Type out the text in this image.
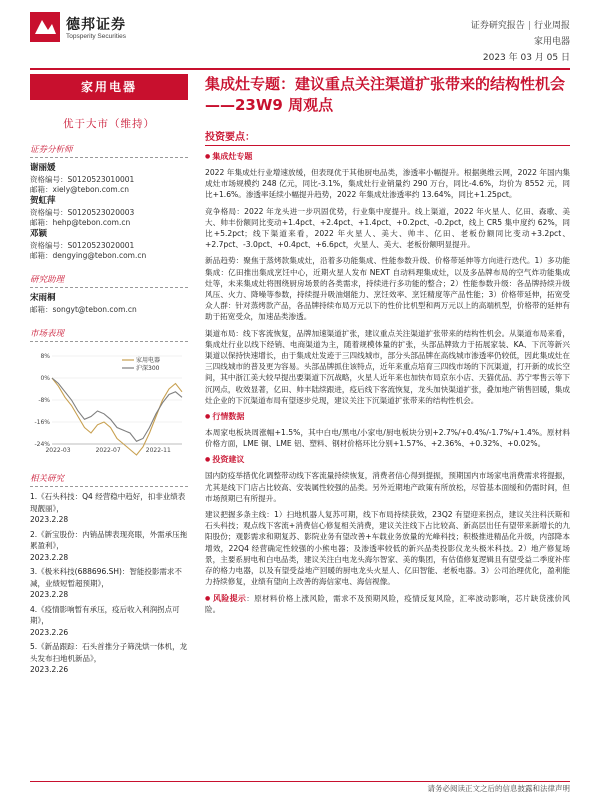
德邦证券
Topsperity Securities
证券研究报告 | 行业周报
家用电器
2023 年 03 月 05 日
家用电器
优于大市（维持）
证券分析师
谢丽媛
资格编号：S0120523010001
邮箱：xiely@tebon.com.cn
贺虹萍
资格编号：S0120523020003
邮箱：hehp@tebon.com.cn
邓颖
资格编号：S0120523020001
邮箱：dengying@tebon.com.cn
研究助理
宋雨桐
邮箱：songyt@tebon.com.cn
市场表现
8%
0%
-8%
-16%
-24%
2022-03	2022-07	2022-11
家用电器
沪深300
相关研究
1.《石头科技：Q4 经营稳中趋好，扣非业绩表现靓丽》，
2023.2.28
2.《新宝股份：内销品牌表现亮眼，外需承压拖累盈利》，
2023.2.28
3.《极米科技(688696.SH)：智能投影需求不减，业绩短暂超预期》，
2023.2.28
4.《疫情影响暂有承压，疫后收入利润拐点可期》，
2023.2.26
5.《新品跟踪：石头首推分子筛洗烘一体机，龙头发布扫地机新品》，
2023.2.26
集成灶专题：建议重点关注渠道扩张带来的结构性机会——23W9 周观点
投资要点：
● 集成灶专题

2022 年集成灶行业增速放缓，但表现优于其他厨电品类，渗透率小幅提升。根据奥维云网，2022 年国内集成灶市场规模约 248 亿元，同比-3.1%，集成灶行业销量约 290 万台，同比-4.6%，均价为 8552 元，同比+1.6%。渗透率延续小幅提升趋势，2022 年集成灶渗透率约 13.64%，同比+1.25pct。

竞争格局：2022 年龙头进一步巩固优势，行业集中度提升。线上渠道，2022 年火星人、亿田、森歌、美大、帅丰份额同比变动+1.4pct、+2.4pct、+1.4pct、+0.2pct、-0.2pct，线上 CR5 集中度约 62%，同比+5.2pct；线下渠道来看，2022 年火星人、美大、帅丰、亿田、老板份额同比变动+3.2pct、+2.7pct、-3.0pct、+0.4pct、+6.6pct，火星人、美大、老板份额明显提升。

新品趋势：聚焦于蒸烤款集成灶，沿着多功能集成、性能参数升级、价格带延伸等方向进行迭代。1）多功能集成：亿田推出集成烹饪中心，近期火星人发布 NEXT 自动料理集成灶，以及多品牌布局的空气炸功能集成灶等，未来集成灶将围绕厨房场景的各类需求，持续进行多功能的整合；2）性能参数升级：各品牌持续升级风压、火力、降噪等参数，持续提升吸油烟能力、烹饪效率、烹饪精度等产品性能；3）价格带延伸，拓宽受众人群：针对蒸烤款产品，各品牌持续布局万元以下的性价比机型和两万元以上的高端机型，价格带的延伸有助于拓宽受众，加速品类渗透。

渠道布局：线下客流恢复，品牌加速渠道扩张，建议重点关注渠道扩张带来的结构性机会。从渠道布局来看，集成灶行业以线下经销、电商渠道为主，随着规模体量的扩张，头部品牌致力于拓展家装、KA、下沉等新兴渠道以保持快速增长，由于集成灶发迹于三四线城市，部分头部品牌在高线城市渗透率仍较低，因此集成灶在三四线城市的普及更为容易。头部品牌抓住该特点，近年来重点培育三四线市场的下沉渠道，打开新的成长空间，其中浙江美大较早提出要渠道下沉战略，火星人近年来也加快布局京东小店、天猫优品、苏宁零售云等下沉网点，收效显著，亿田、帅丰陆续跟进，疫后线下客流恢复，龙头加快渠道扩张，叠加地产销售回暖，集成灶企业的下沉渠道布局有望逐步兑现，建议关注下沉渠道扩张带来的结构性机会。

● 行情数据

本周家电板块周涨幅+1.5%，其中白电/黑电/小家电/厨电板块分别+2.7%/+0.4%/-1.7%/+1.4%。原材料价格方面，LME 铜、LME 铝、塑料、钢材价格环比分别+1.57%、+2.36%、+0.32%、+0.02%。

● 投资建议

国内防疫举措优化调整带动线下客流量持续恢复，消费者信心得到提振，预期国内市场家电消费需求将提振，尤其是线下门店占比较高、安装属性较强的品类。另外近期地产政策有所放松，尽管基本面缓和仍需时间，但市场预期已有所提升。

建议把握多条主线：1）扫地机器人复苏可期，线下布局持续获效，23Q2 有望迎来拐点，建议关注科沃斯和石头科技；观点线下客流+消费信心修复相关消费，建议关注线下占比较高、新高层出任有望带来新增长的九阳股份；观影需求和期复苏、影院业务有望改善+车载业务放量的光峰科技；积极推进精品化升级，内部降本增效，22Q4 经营确定性较强的小熊电器；及渗透率较低的新兴品类投影仪龙头极米科技。2）地产修复场景，主要系厨电和白电品类，建议关注白电龙头海尔智家、美的集团，有估值修复逻辑且有望受益二季度补库存的格力电器，以及有望受益地产回暖的厨电龙头火星人、亿田智能、老板电器。3）公司治理优化，盈利能力持续修复，业绩有望向上改善的海信家电、海信视像。

● 风险提示：原材料价格上涨风险，需求不及预期风险，疫情反复风险，汇率波动影响，芯片缺货涨价风险。

请务必阅读正文之后的信息披露和法律声明
